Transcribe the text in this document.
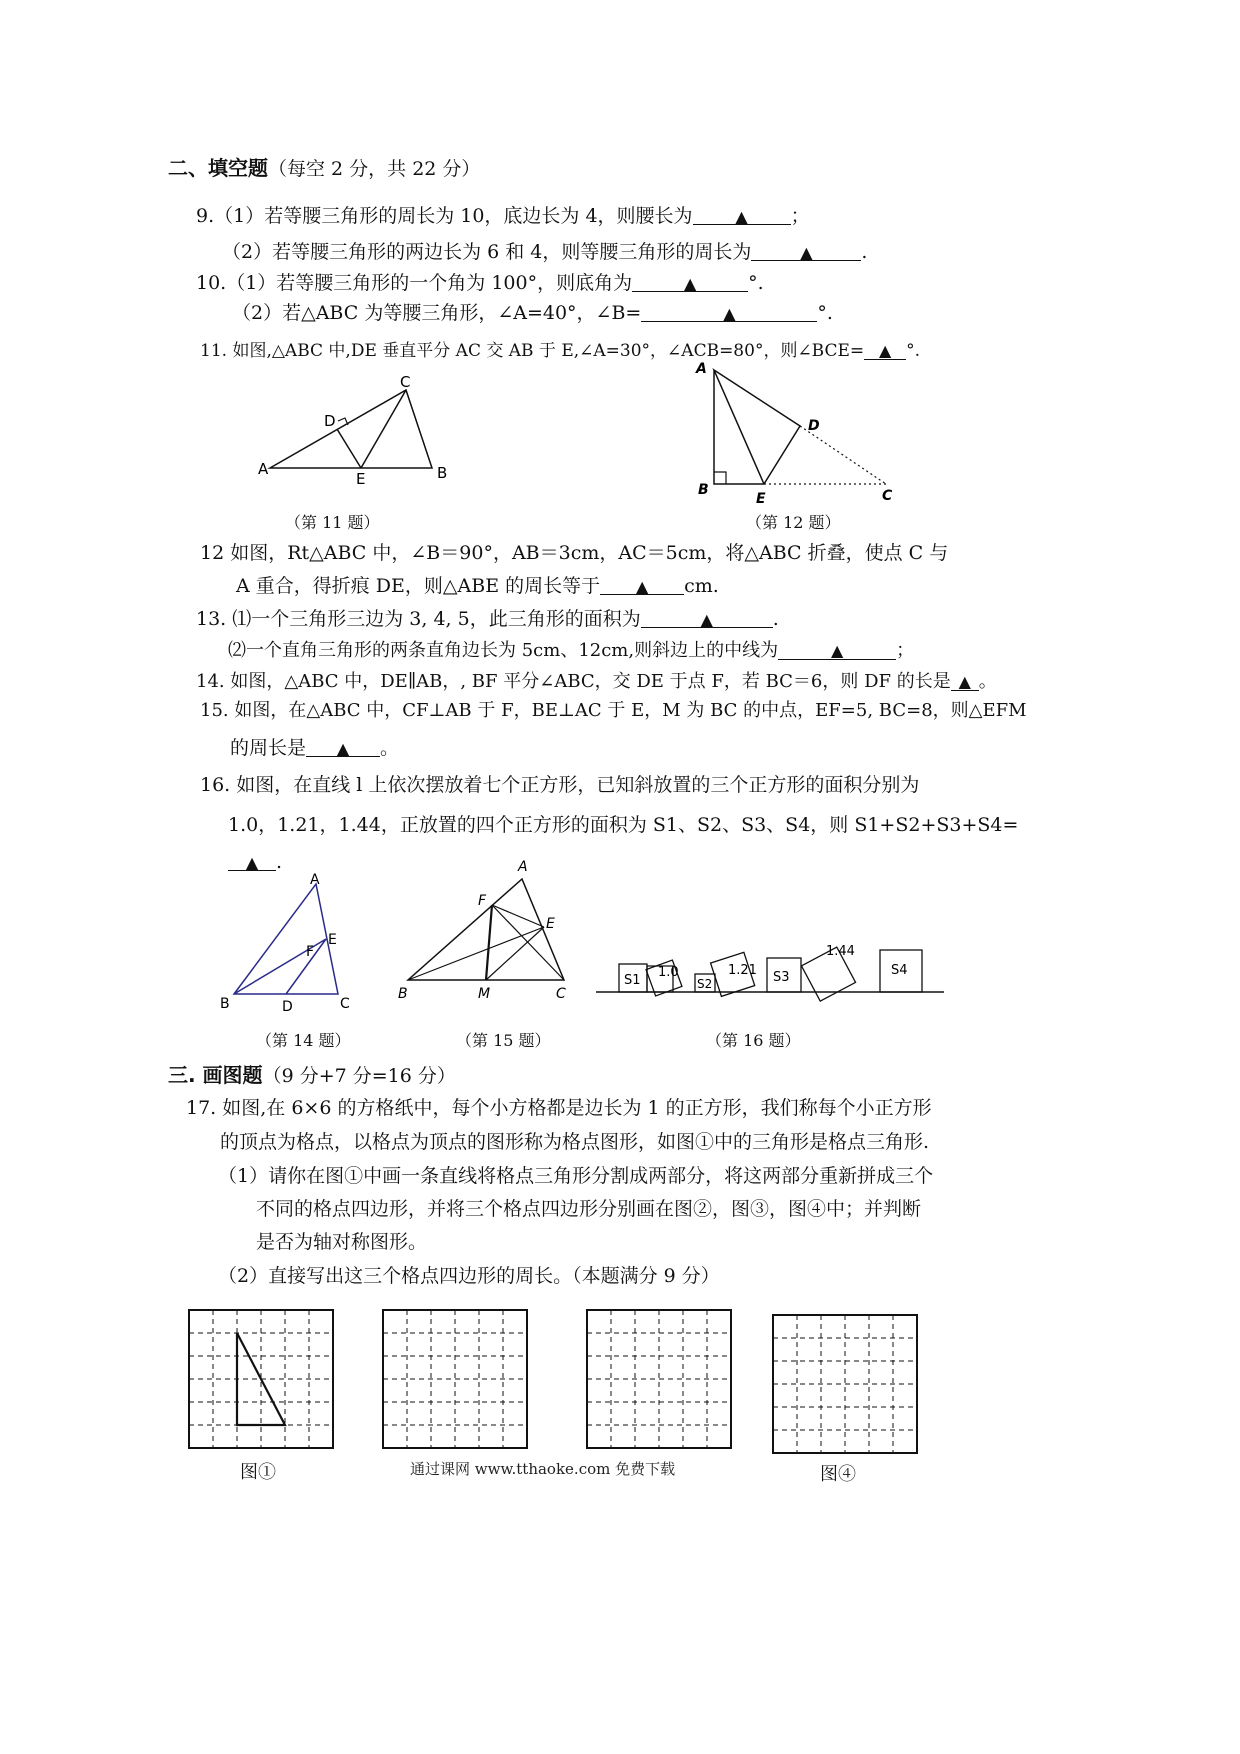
二、填空题（每空 2 分，共 22 分）
9.（1）若等腰三角形的周长为 10，底边长为 4，则腰长为	▲ ；
（2）若等腰三角形的两边长为 6 和 4，则等腰三角形的周长为	▲	.
10.（1）若等腰三角形的一个角为 100°，则底角为	▲	°.
（2）若△ABC 为等腰三角形，∠A=40°，∠B=	▲	°.
11. 如图,△ABC 中,DE 垂直平分 AC 交 AB 于 E,∠A=30°，∠ACB=80°，则∠BCE= ▲ °.
A	B
C
D
E
（第 11 题）
A
B	C
D
E
（第 12 题）
12 如图，Rt△ABC 中，∠B＝90°，AB＝3cm，AC＝5cm，将△ABC 折叠，使点 C 与
A 重合，得折痕 DE，则△ABE 的周长等于 ▲ cm.
13. ⑴一个三角形三边为 3, 4, 5，此三角形的面积为	▲	.
⑵一个直角三角形的两条直角边长为 5cm、12cm,则斜边上的中线为	▲	；
14. 如图，△ABC 中，DE∥AB，, BF 平分∠ABC，交 DE 于点 F，若 BC＝6，则 DF 的长是 ▲ 。
15. 如图，在△ABC 中，CF⊥AB 于 F，BE⊥AC 于 E，M 为 BC 的中点，EF=5, BC=8，则△EFM
的周长是 ▲ 。
16. 如图，在直线 l 上依次摆放着七个正方形，已知斜放置的三个正方形的面积分别为
1.0，1.21，1.44，正放置的四个正方形的面积为 S1、S2、S3、S4，则 S1+S2+S3+S4=
▲ .
A
B	C
D
E
F
（第 14 题）
A
B	C
E
F
M
（第 15 题）
S1
1.0
S2
1.21 S3
1.44
S4
（第 16 题）
三. 画图题（9 分+7 分=16 分）
17. 如图,在 6×6 的方格纸中，每个小方格都是边长为 1 的正方形，我们称每个小正方形
的顶点为格点，以格点为顶点的图形称为格点图形，如图①中的三角形是格点三角形.
（1）请你在图①中画一条直线将格点三角形分割成两部分，将这两部分重新拼成三个
不同的格点四边形，并将三个格点四边形分别画在图②，图③，图④中；并判断
是否为轴对称图形。
（2）直接写出这三个格点四边形的周长。（本题满分 9 分）
图①	通过课网 www.tthaoke.com 免费下载	图④
